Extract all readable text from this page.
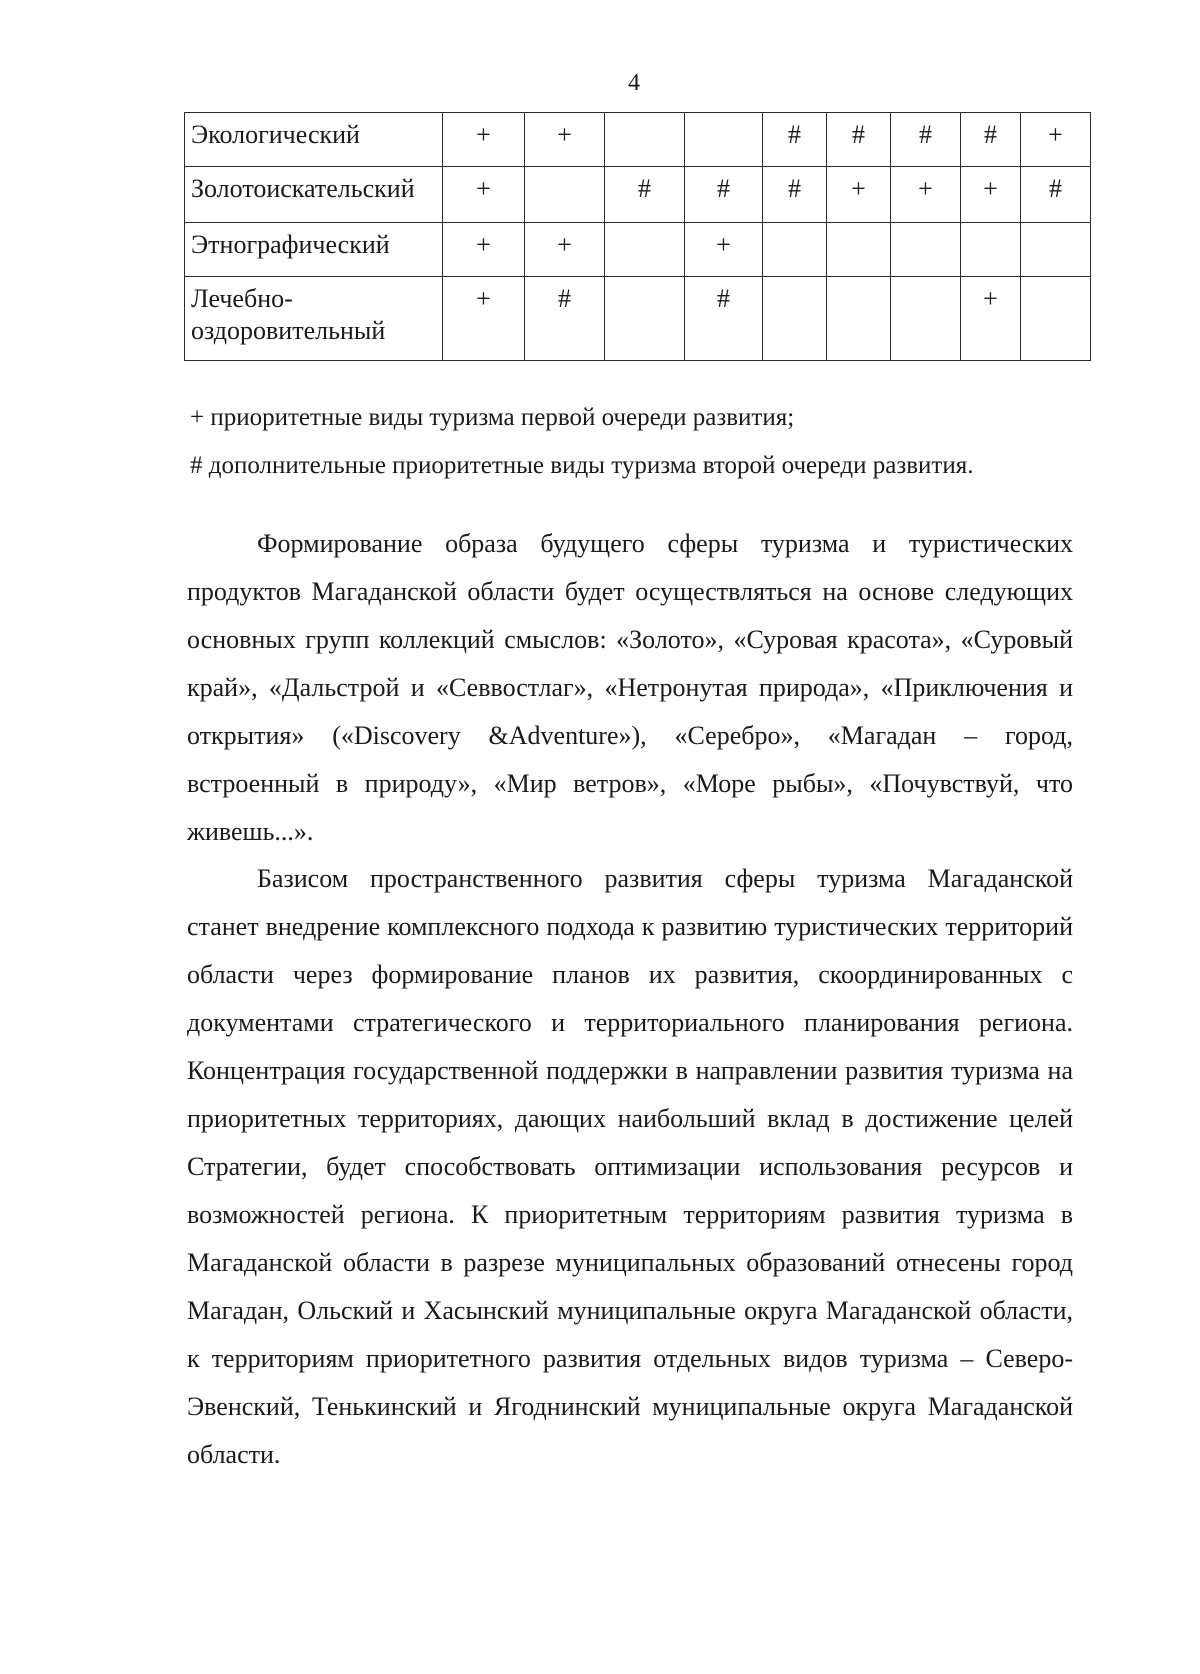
4
Экологический	+	+			#	#	#	#	+
Золотоискательский	+		#	#	#	+	+	+	#
Этнографический	+	+		+					
Лечебно-
оздоровительный	+	#		#				+	
+ приоритетные виды туризма первой очереди развития;
# дополнительные приоритетные виды туризма второй очереди развития.

Формирование образа будущего сферы туризма и туристических продуктов Магаданской области будет осуществляться на основе следующих основных групп коллекций смыслов: «Золото», «Суровая красота», «Суровый край», «Дальстрой и «Севвостлаг», «Нетронутая природа», «Приключения и открытия» («Discovery &Adventure»), «Серебро», «Магадан – город, встроенный в природу», «Мир ветров», «Море рыбы», «Почувствуй, что живешь...».

Базисом пространственного развития сферы туризма Магаданской станет внедрение комплексного подхода к развитию туристических территорий области через формирование планов их развития, скоординированных с документами стратегического и территориального планирования региона. Концентрация государственной поддержки в направлении развития туризма на приоритетных территориях, дающих наибольший вклад в достижение целей Стратегии, будет способствовать оптимизации использования ресурсов и возможностей региона. К приоритетным территориям развития туризма в Магаданской области в разрезе муниципальных образований отнесены город Магадан, Ольский и Хасынский муниципальные округа Магаданской области, к территориям приоритетного развития отдельных видов туризма – Северо-Эвенский, Тенькинский и Ягоднинский муниципальные округа Магаданской области.
